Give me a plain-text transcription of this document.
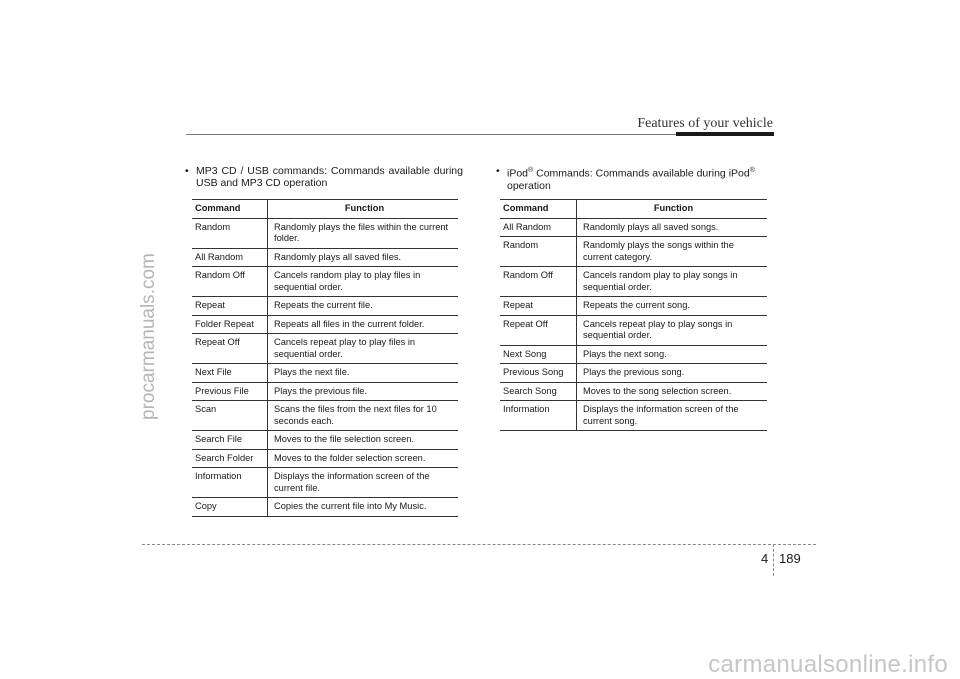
procarmanuals.com
Features of your vehicle
• MP3 CD / USB commands: Commands available during USB and MP3 CD operation
Command	Function
Random	Randomly plays the files within the current folder.
All Random	Randomly plays all saved files.
Random Off	Cancels random play to play files in sequential order.
Repeat	Repeats the current file.
Folder Repeat	Repeats all files in the current folder.
Repeat Off	Cancels repeat play to play files in sequential order.
Next File	Plays the next file.
Previous File	Plays the previous file.
Scan	Scans the files from the next files for 10 seconds each.
Search File	Moves to the file selection screen.
Search Folder	Moves to the folder selection screen.
Information	Displays the information screen of the current file.
Copy	Copies the current file into My Music.
• iPod® Commands: Commands available during iPod® operation
Command	Function
All Random	Randomly plays all saved songs.
Random	Randomly plays the songs within the current category.
Random Off	Cancels random play to play songs in sequential order.
Repeat	Repeats the current song.
Repeat Off	Cancels repeat play to play songs in sequential order.
Next Song	Plays the next song.
Previous Song	Plays the previous song.
Search Song	Moves to the song selection screen.
Information	Displays the information screen of the current song.
4 189
carmanualsonline.info
